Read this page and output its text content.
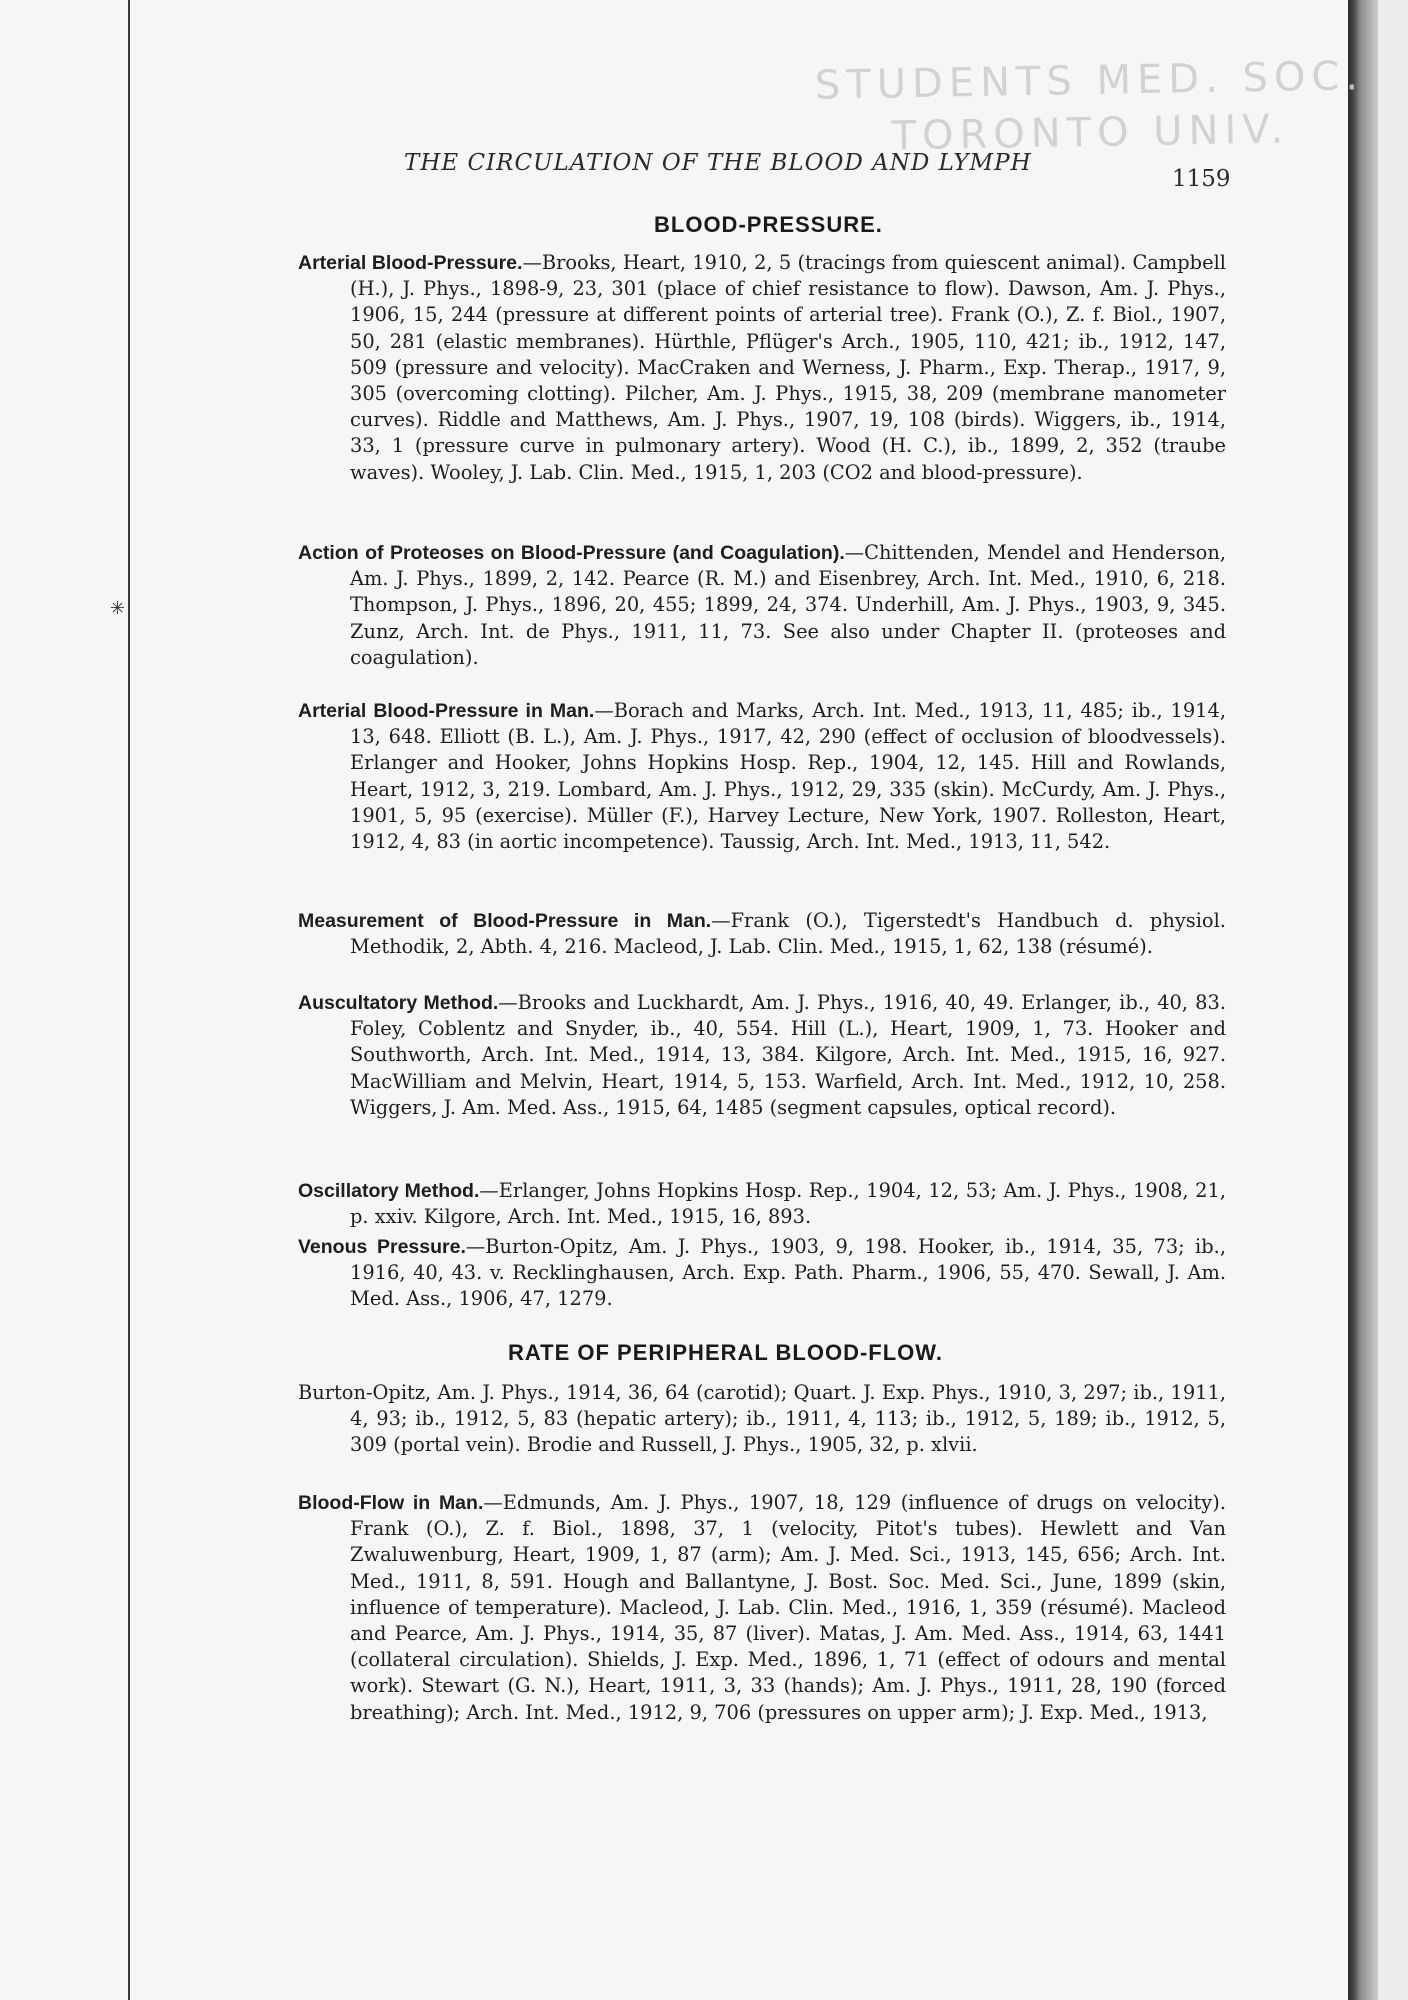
✳
STUDENTS MED. SOC.
TORONTO UNIV.
THE CIRCULATION OF THE BLOOD AND LYMPH
1159
BLOOD-PRESSURE.
Arterial Blood-Pressure.—Brooks, Heart, 1910, 2, 5 (tracings from quiescent animal). Campbell (H.), J. Phys., 1898-9, 23, 301 (place of chief resistance to flow). Dawson, Am. J. Phys., 1906, 15, 244 (pressure at different points of arterial tree). Frank (O.), Z. f. Biol., 1907, 50, 281 (elastic membranes). Hürthle, Pflüger's Arch., 1905, 110, 421; ib., 1912, 147, 509 (pressure and velocity). MacCraken and Werness, J. Pharm., Exp. Therap., 1917, 9, 305 (overcoming clotting). Pilcher, Am. J. Phys., 1915, 38, 209 (membrane manometer curves). Riddle and Matthews, Am. J. Phys., 1907, 19, 108 (birds). Wiggers, ib., 1914, 33, 1 (pressure curve in pulmonary artery). Wood (H. C.), ib., 1899, 2, 352 (traube waves). Wooley, J. Lab. Clin. Med., 1915, 1, 203 (CO2 and blood-pressure).
Action of Proteoses on Blood-Pressure (and Coagulation).—Chittenden, Mendel and Henderson, Am. J. Phys., 1899, 2, 142. Pearce (R. M.) and Eisenbrey, Arch. Int. Med., 1910, 6, 218. Thompson, J. Phys., 1896, 20, 455; 1899, 24, 374. Underhill, Am. J. Phys., 1903, 9, 345. Zunz, Arch. Int. de Phys., 1911, 11, 73. See also under Chapter II. (proteoses and coagulation).
Arterial Blood-Pressure in Man.—Borach and Marks, Arch. Int. Med., 1913, 11, 485; ib., 1914, 13, 648. Elliott (B. L.), Am. J. Phys., 1917, 42, 290 (effect of occlusion of bloodvessels). Erlanger and Hooker, Johns Hopkins Hosp. Rep., 1904, 12, 145. Hill and Rowlands, Heart, 1912, 3, 219. Lombard, Am. J. Phys., 1912, 29, 335 (skin). McCurdy, Am. J. Phys., 1901, 5, 95 (exercise). Müller (F.), Harvey Lecture, New York, 1907. Rolleston, Heart, 1912, 4, 83 (in aortic incompetence). Taussig, Arch. Int. Med., 1913, 11, 542.
Measurement of Blood-Pressure in Man.—Frank (O.), Tigerstedt's Handbuch d. physiol. Methodik, 2, Abth. 4, 216. Macleod, J. Lab. Clin. Med., 1915, 1, 62, 138 (résumé).
Auscultatory Method.—Brooks and Luckhardt, Am. J. Phys., 1916, 40, 49. Erlanger, ib., 40, 83. Foley, Coblentz and Snyder, ib., 40, 554. Hill (L.), Heart, 1909, 1, 73. Hooker and Southworth, Arch. Int. Med., 1914, 13, 384. Kilgore, Arch. Int. Med., 1915, 16, 927. MacWilliam and Melvin, Heart, 1914, 5, 153. Warfield, Arch. Int. Med., 1912, 10, 258. Wiggers, J. Am. Med. Ass., 1915, 64, 1485 (segment capsules, optical record).
Oscillatory Method.—Erlanger, Johns Hopkins Hosp. Rep., 1904, 12, 53; Am. J. Phys., 1908, 21, p. xxiv. Kilgore, Arch. Int. Med., 1915, 16, 893.
Venous Pressure.—Burton-Opitz, Am. J. Phys., 1903, 9, 198. Hooker, ib., 1914, 35, 73; ib., 1916, 40, 43. v. Recklinghausen, Arch. Exp. Path. Pharm., 1906, 55, 470. Sewall, J. Am. Med. Ass., 1906, 47, 1279.
RATE OF PERIPHERAL BLOOD-FLOW.
Burton-Opitz, Am. J. Phys., 1914, 36, 64 (carotid); Quart. J. Exp. Phys., 1910, 3, 297; ib., 1911, 4, 93; ib., 1912, 5, 83 (hepatic artery); ib., 1911, 4, 113; ib., 1912, 5, 189; ib., 1912, 5, 309 (portal vein). Brodie and Russell, J. Phys., 1905, 32, p. xlvii.
Blood-Flow in Man.—Edmunds, Am. J. Phys., 1907, 18, 129 (influence of drugs on velocity). Frank (O.), Z. f. Biol., 1898, 37, 1 (velocity, Pitot's tubes). Hewlett and Van Zwaluwenburg, Heart, 1909, 1, 87 (arm); Am. J. Med. Sci., 1913, 145, 656; Arch. Int. Med., 1911, 8, 591. Hough and Ballantyne, J. Bost. Soc. Med. Sci., June, 1899 (skin, influence of temperature). Macleod, J. Lab. Clin. Med., 1916, 1, 359 (résumé). Macleod and Pearce, Am. J. Phys., 1914, 35, 87 (liver). Matas, J. Am. Med. Ass., 1914, 63, 1441 (collateral circulation). Shields, J. Exp. Med., 1896, 1, 71 (effect of odours and mental work). Stewart (G. N.), Heart, 1911, 3, 33 (hands); Am. J. Phys., 1911, 28, 190 (forced breathing); Arch. Int. Med., 1912, 9, 706 (pressures on upper arm); J. Exp. Med., 1913,
